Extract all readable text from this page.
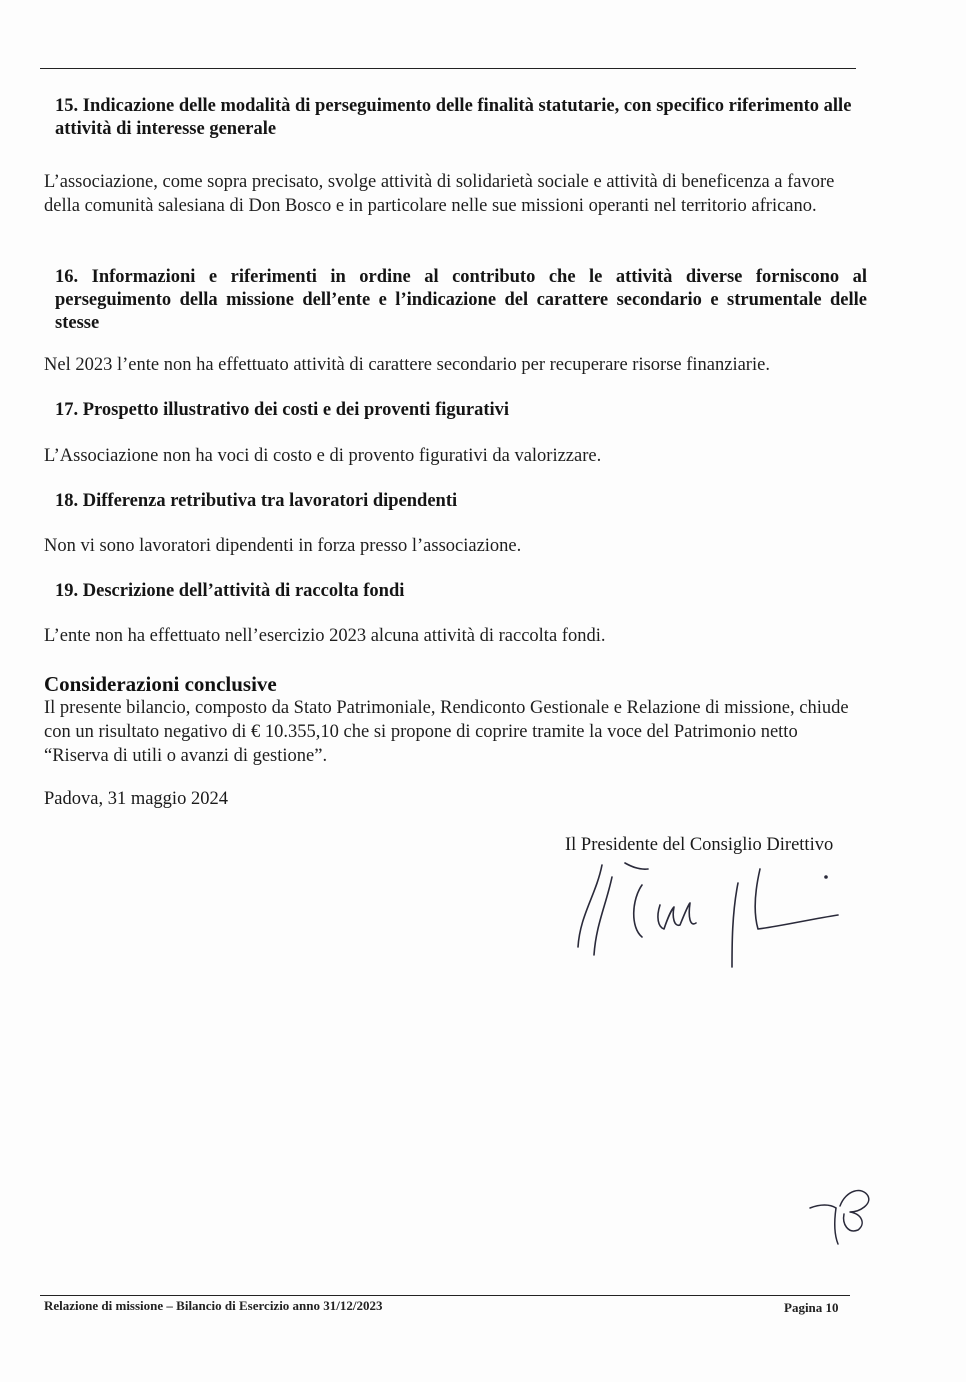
15. Indicazione delle modalità di perseguimento delle finalità statutarie, con specifico riferimento alle attività di interesse generale
L’associazione, come sopra precisato, svolge attività di solidarietà sociale e attività di beneficenza a favore della comunità salesiana di Don Bosco e in particolare nelle sue missioni operanti nel territorio africano.
16. Informazioni e riferimenti in ordine al contributo che le attività diverse forniscono al perseguimento della missione dell’ente e l’indicazione del carattere secondario e strumentale delle stesse
Nel 2023 l’ente non ha effettuato attività di carattere secondario per recuperare risorse finanziarie.
17. Prospetto illustrativo dei costi e dei proventi figurativi
L’Associazione non ha voci di costo e di provento figurativi da valorizzare.
18. Differenza retributiva tra lavoratori dipendenti
Non vi sono lavoratori dipendenti in forza presso l’associazione.
19. Descrizione dell’attività di raccolta fondi
L’ente non ha effettuato nell’esercizio 2023 alcuna attività di raccolta fondi.
Considerazioni conclusive
Il presente bilancio, composto da Stato Patrimoniale, Rendiconto Gestionale e Relazione di missione, chiude con un risultato negativo di € 10.355,10 che si propone di coprire tramite la voce del Patrimonio netto “Riserva di utili o avanzi di gestione”.
Padova, 31 maggio 2024
Il Presidente del Consiglio Direttivo
Relazione di missione – Bilancio di Esercizio anno 31/12/2023	Pagina 10
